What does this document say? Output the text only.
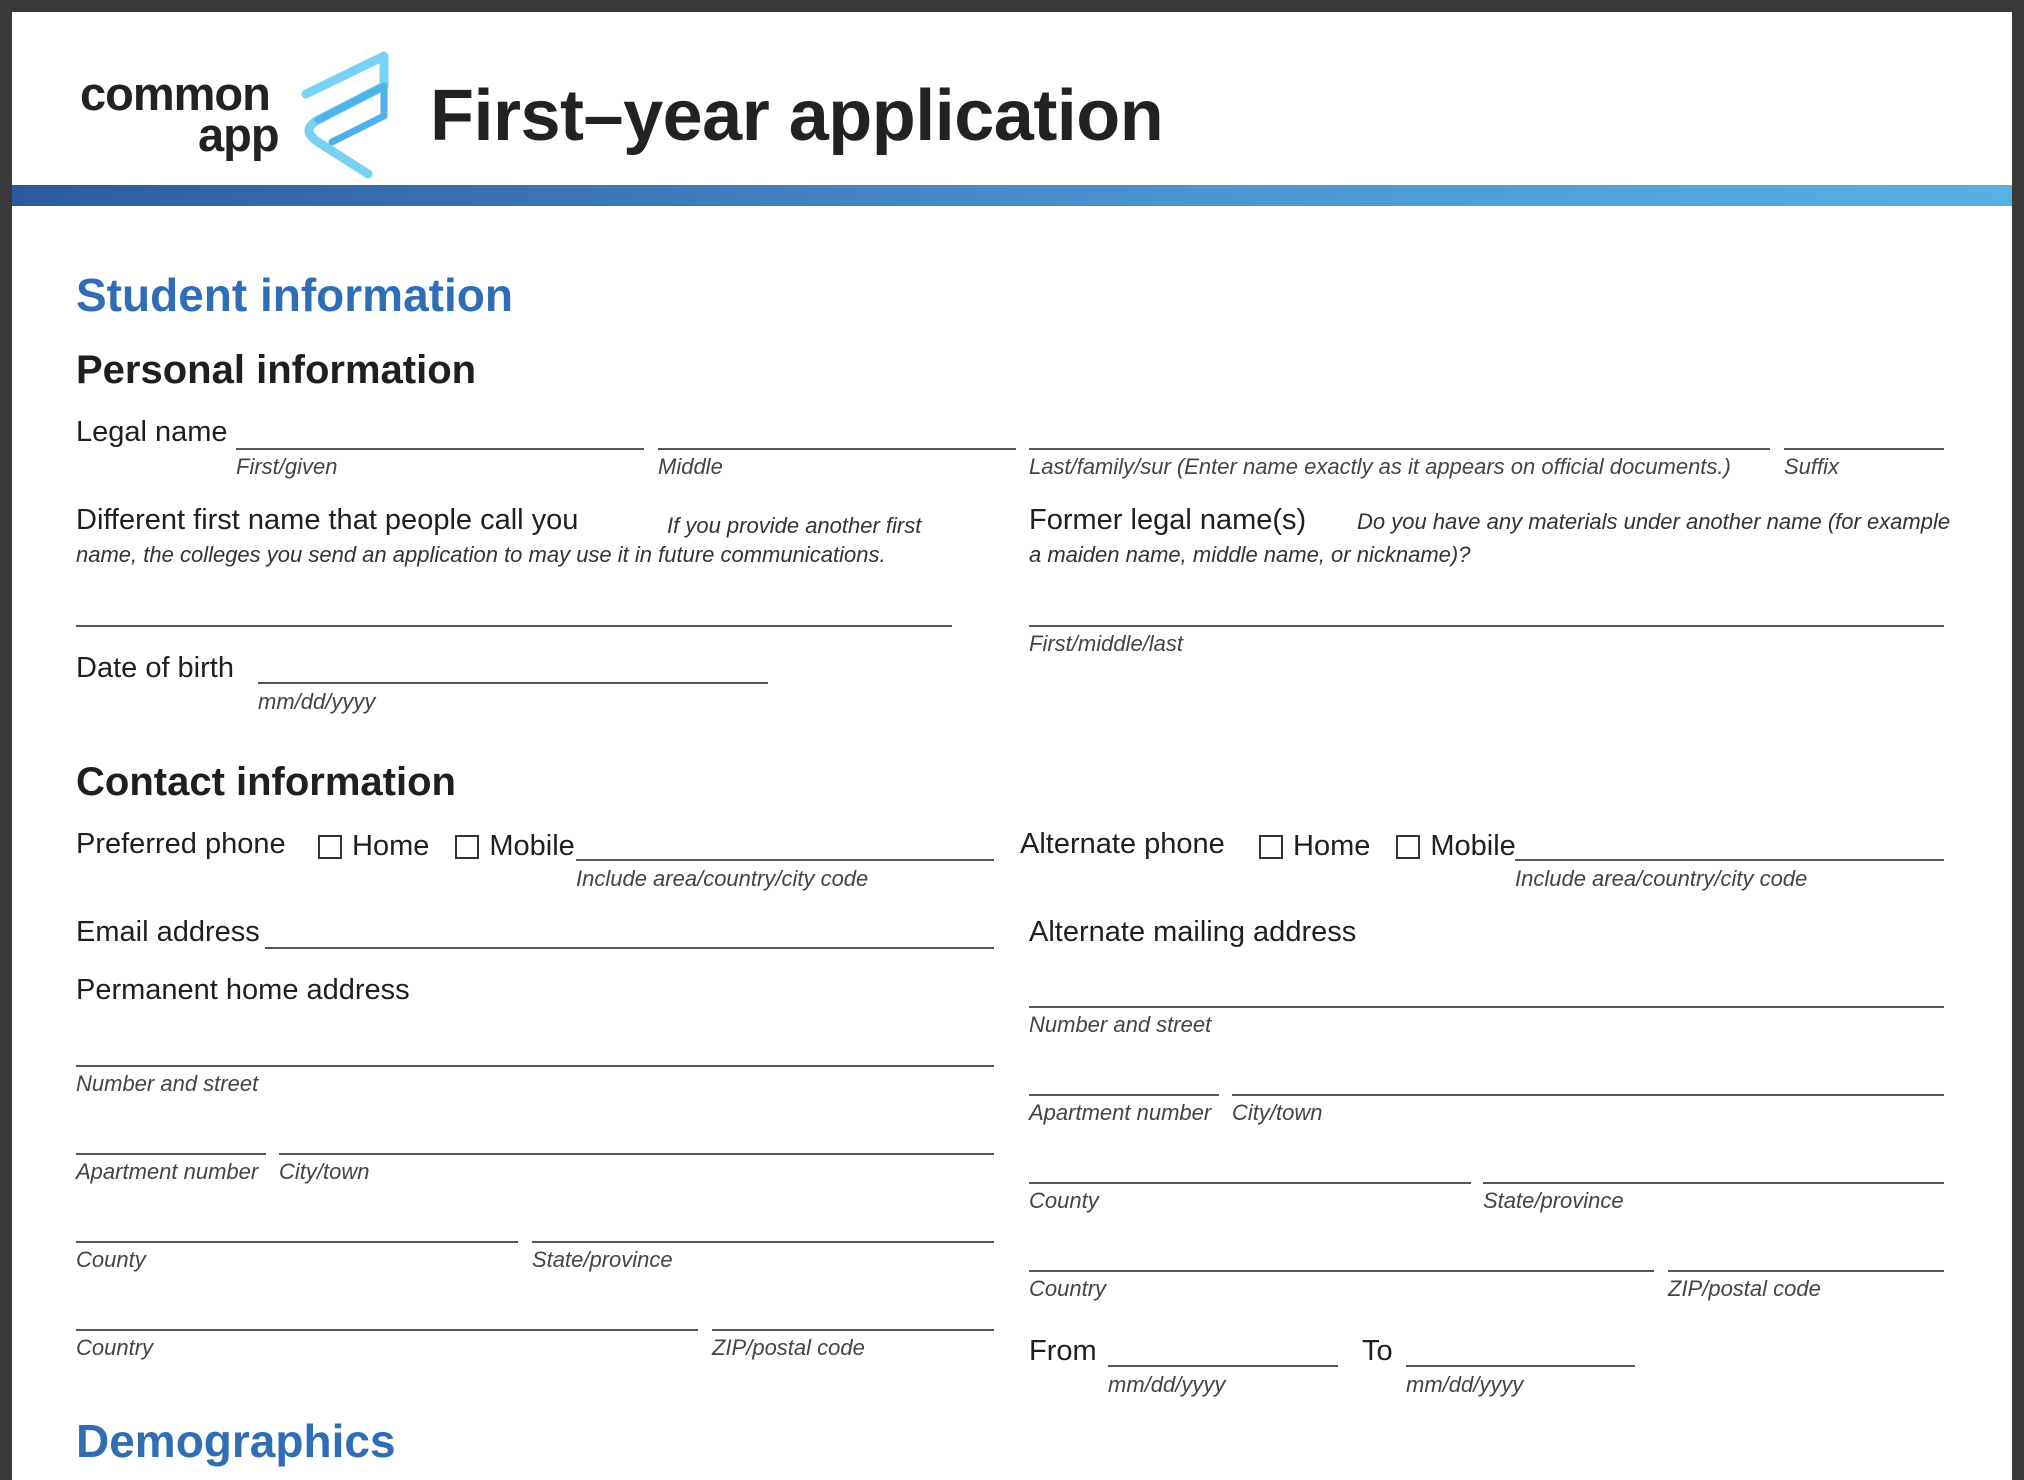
common
app First–year application
Student information
Personal information
Legal name
First/given	Middle	Last/family/sur (Enter name exactly as it appears on official documents.) Suffix
Different first name that people call you	If you provide another first
name, the colleges you send an application to may use it in future communications.
Former legal name(s) Do you have any materials under another name (for example
a maiden name, middle name, or nickname)?
First/middle/last
Date of birth
mm/dd/yyyy
Contact information
Preferred phone Home Mobile
Include area/country/city code
Alternate phone Home Mobile
Include area/country/city code
Email address
Permanent home address
Number and street
Apartment number City/town
County	State/province
Country	ZIP/postal code
Alternate mailing address
Number and street
Apartment number City/town
County	State/province
Country	ZIP/postal code
From
mm/dd/yyyy
To
mm/dd/yyyy
Demographics
